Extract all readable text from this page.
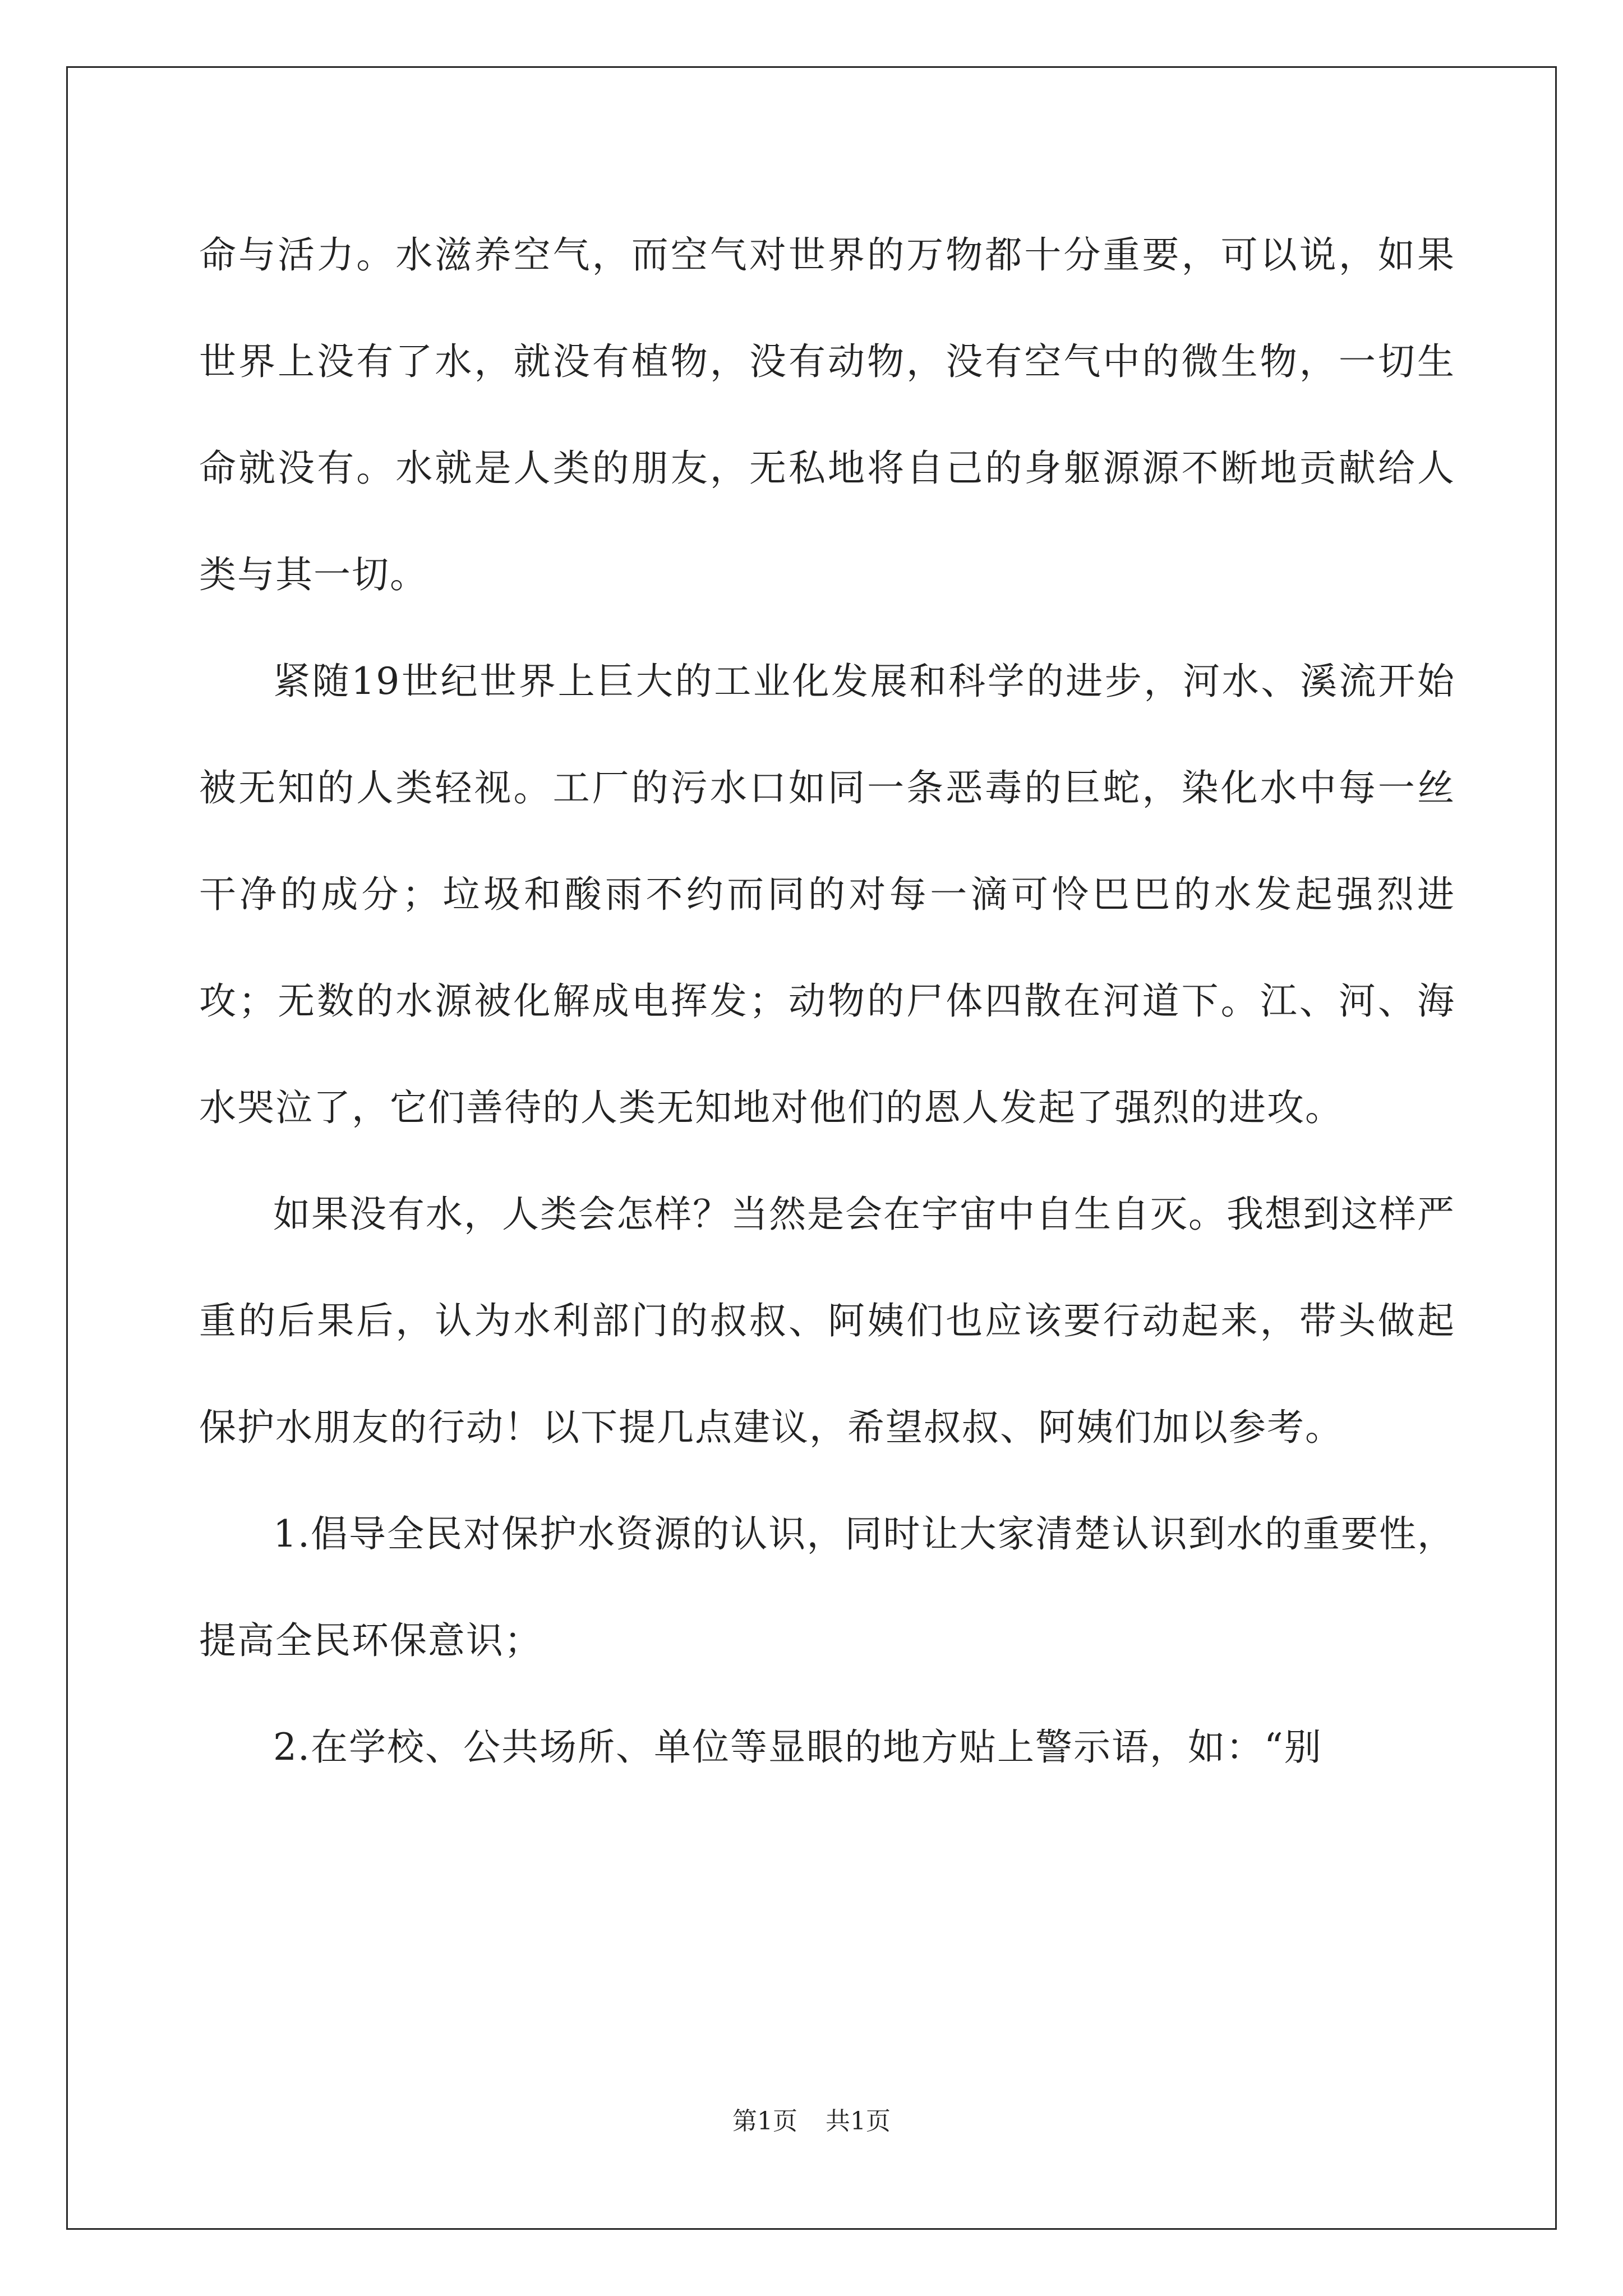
命与活力。水滋养空气，而空气对世界的万物都十分重要，可以说，如果世界上没有了水，就没有植物，没有动物，没有空气中的微生物，一切生命就没有。水就是人类的朋友，无私地将自己的身躯源源不断地贡献给人类与其一切。

紧随19世纪世界上巨大的工业化发展和科学的进步，河水、溪流开始被无知的人类轻视。工厂的污水口如同一条恶毒的巨蛇，染化水中每一丝干净的成分；垃圾和酸雨不约而同的对每一滴可怜巴巴的水发起强烈进攻；无数的水源被化解成电挥发；动物的尸体四散在河道下。江、河、海水哭泣了，它们善待的人类无知地对他们的恩人发起了强烈的进攻。

如果没有水，人类会怎样？当然是会在宇宙中自生自灭。我想到这样严重的后果后，认为水利部门的叔叔、阿姨们也应该要行动起来，带头做起保护水朋友的行动！以下提几点建议，希望叔叔、阿姨们加以参考。

1.倡导全民对保护水资源的认识，同时让大家清楚认识到水的重要性，提高全民环保意识；

2.在学校、公共场所、单位等显眼的地方贴上警示语，如：“别

第1页 共1页
